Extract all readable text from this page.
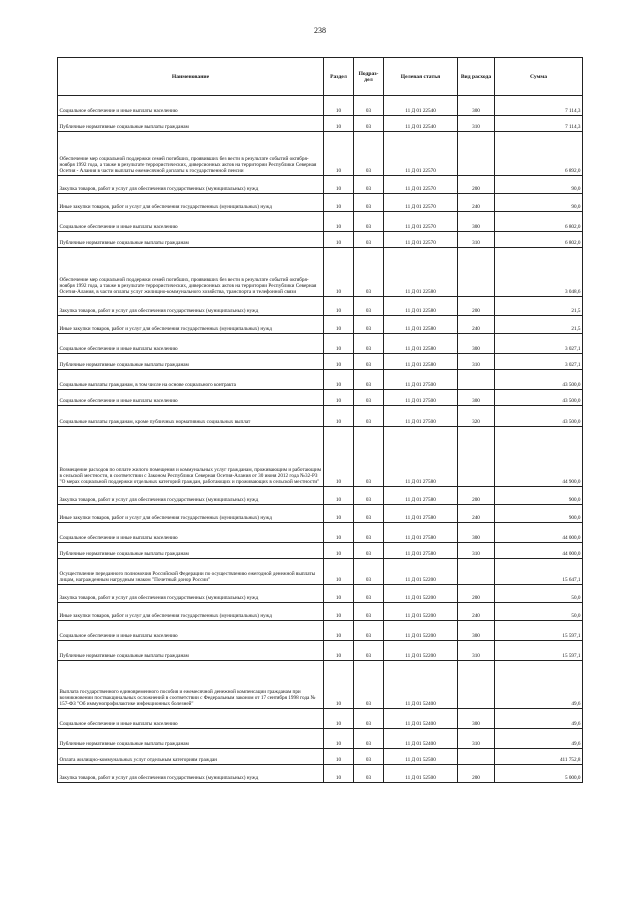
238
Наименование	Раздел	Подраз-дел	Целевая статья	Вид расхода	Сумма
Социальное обеспечение и иные выплаты населению	10	03	11 Д 01 22540	300	7 114,3
Публичные нормативные социальные выплаты гражданам	10	03	11 Д 01 22540	310	7 114,3
Обеспечение мер социальной поддержки семей погибших, проявивших без вести в результате событий октября-ноября 1992 года, а также в результате террористических, диверсионных актов на территории Республики Северная Осетия - Алания в части выплаты ежемесячной доплаты к государственной пенсии	10	03	11 Д 01 22570		6 892,0
Закупка товаров, работ и услуг для обеспечения государственных (муниципальных) нужд	10	03	11 Д 01 22570	200	90,0
Иные закупки товаров, работ и услуг для обеспечения государственных (муниципальных) нужд	10	03	11 Д 01 22570	240	90,0
Социальное обеспечение и иные выплаты населению	10	03	11 Д 01 22570	300	6 802,0
Публичные нормативные социальные выплаты гражданам	10	03	11 Д 01 22570	310	6 802,0
Обеспечение мер социальной поддержки семей погибших, проявивших без вести в результате событий октября-ноября 1992 года, а также в результате террористических, диверсионных актов на территории Республики Северная Осетия-Алания, в части оплаты услуг жилищно-коммунального хозяйства, транспорта и телефонной связи	10	03	11 Д 01 22580		3 048,6
Закупка товаров, работ и услуг для обеспечения государственных (муниципальных) нужд	10	03	11 Д 01 22580	200	21,5
Иные закупки товаров, работ и услуг для обеспечения государственных (муниципальных) нужд	10	03	11 Д 01 22580	240	21,5
Социальное обеспечение и иные выплаты населению	10	03	11 Д 01 22580	300	3 027,1
Публичные нормативные социальные выплаты гражданам	10	03	11 Д 01 22580	310	3 027,1
Социальные выплаты гражданам, в том числе на основе социального контракта	10	03	11 Д 01 27500		43 500,0
Социальное обеспечение и иные выплаты населению	10	03	11 Д 01 27500	300	43 500,0
Социальные выплаты гражданам, кроме публичных нормативных социальных выплат	10	03	11 Д 01 27500	320	43 500,0
Возмещение расходов по оплате жилого помещения и коммунальных услуг гражданам, проживающим и работающим в сельской местности, в соответствии с Законом Республики Северная Осетия-Алания от 30 июня 2012 года №32-РЗ "О мерах социальной поддержки отдельных категорий граждан, работающих и проживающих в сельской местности"	10	03	11 Д 01 27580		44 900,0
Закупка товаров, работ и услуг для обеспечения государственных (муниципальных) нужд	10	03	11 Д 01 27580	200	900,0
Иные закупки товаров, работ и услуг для обеспечения государственных (муниципальных) нужд	10	03	11 Д 01 27580	240	900,0
Социальное обеспечение и иные выплаты населению	10	03	11 Д 01 27580	300	44 000,0
Публичные нормативные социальные выплаты гражданам	10	03	11 Д 01 27580	310	44 000,0
Осуществление переданного полномочия Российской Федерации по осуществлению ежегодной денежной выплаты лицам, награжденным нагрудным знаком "Почетный донор России"	10	03	11 Д 01 52200		15 647,1
Закупка товаров, работ и услуг для обеспечения государственных (муниципальных) нужд	10	03	11 Д 01 52200	200	50,0
Иные закупки товаров, работ и услуг для обеспечения государственных (муниципальных) нужд	10	03	11 Д 01 52200	240	50,0
Социальное обеспечение и иные выплаты населению	10	03	11 Д 01 52200	300	15 597,1
Публичные нормативные социальные выплаты гражданам	10	03	11 Д 01 52200	310	15 597,1
Выплата государственного единовременного пособия и ежемесячной денежной компенсации гражданам при возникновении поствакцинальных осложнений в соответствии с Федеральным законом от 17 сентября 1998 года № 157-ФЗ "Об иммунопрофилактике инфекционных болезней"	10	03	11 Д 01 52400		49,6
Социальное обеспечение и иные выплаты населению	10	03	11 Д 01 52400	300	49,6
Публичные нормативные социальные выплаты гражданам	10	03	11 Д 01 52400	310	49,6
Оплата жилищно-коммунальных услуг отдельным категориям граждан	10	03	11 Д 01 52500		411 752,8
Закупка товаров, работ и услуг для обеспечения государственных (муниципальных) нужд	10	03	11 Д 01 52500	200	5 000,0
